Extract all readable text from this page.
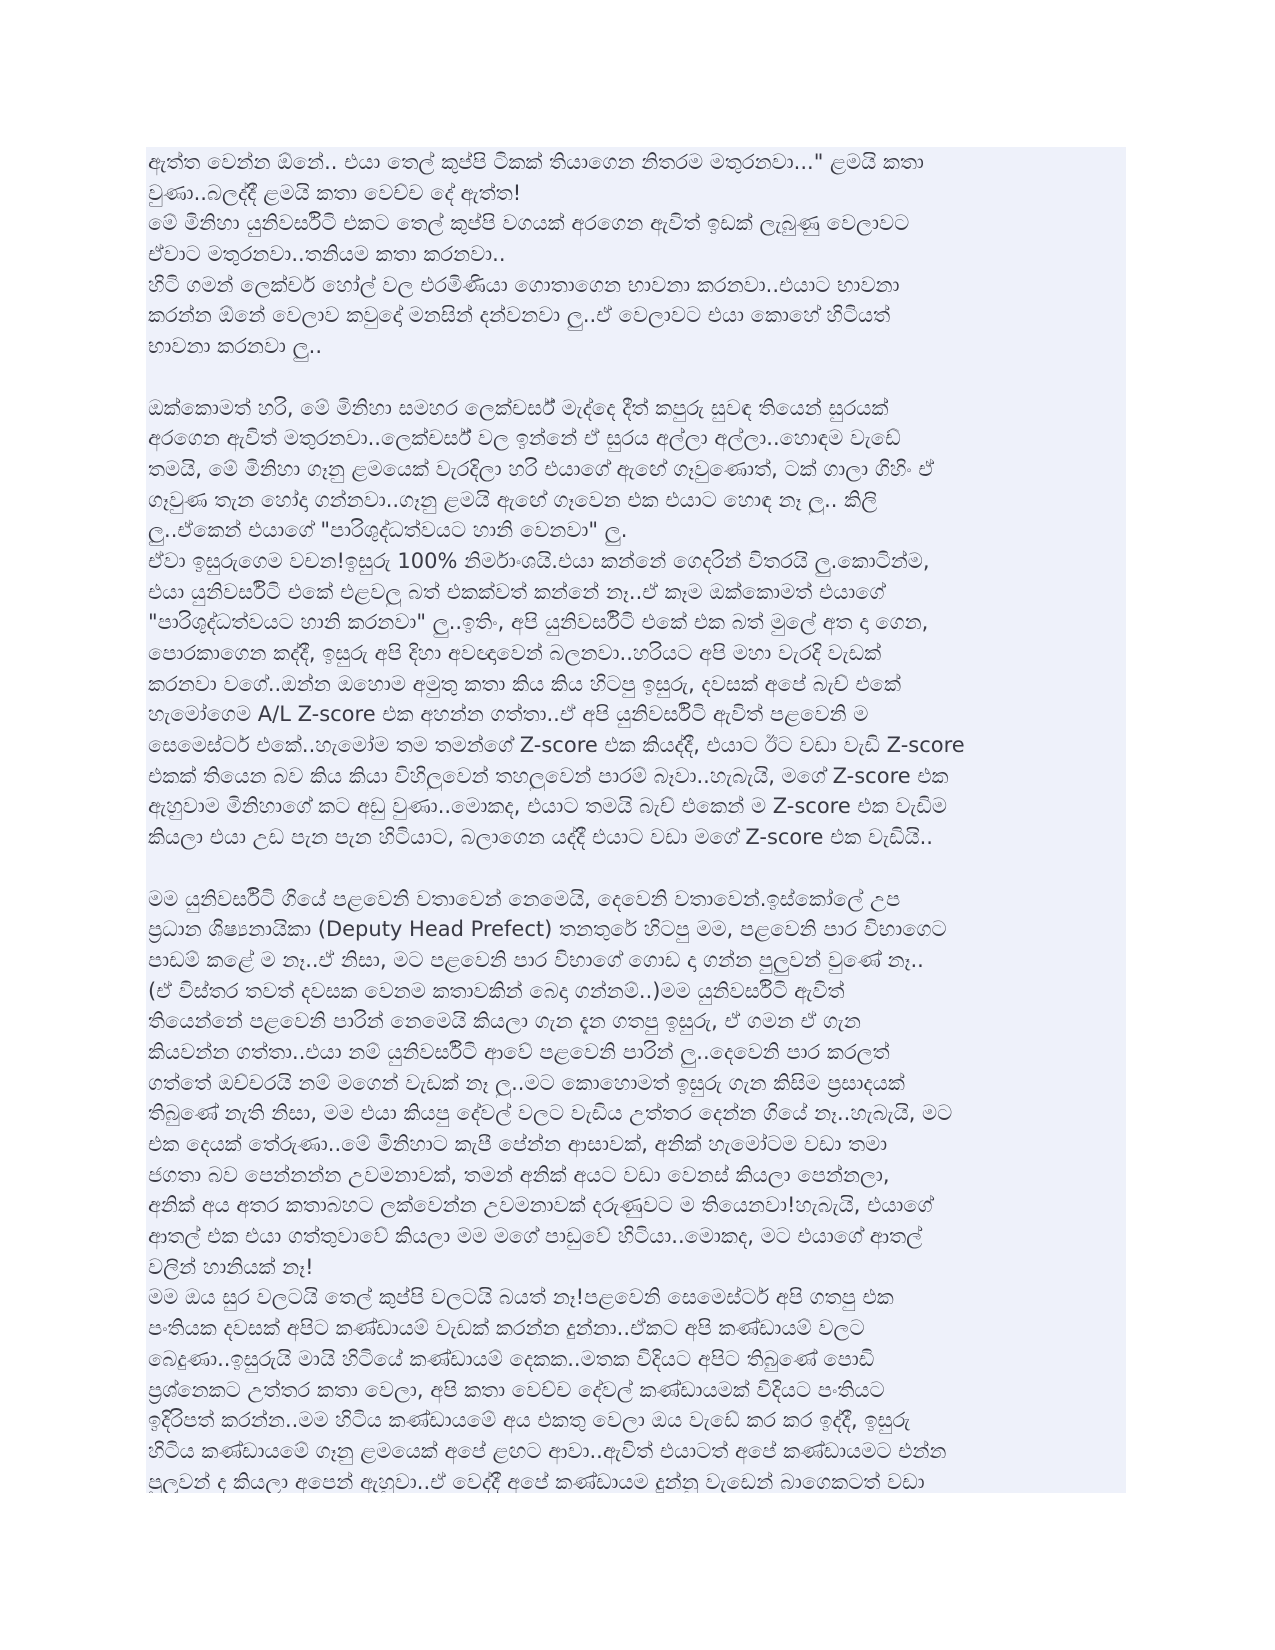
ඇත්ත වෙන්න ඕනේ.. එයා තෙල් කුප්පි ටිකක් තියාගෙන නිතරම මතුරනවා..." ළමයි කතා
වුණා..බලද්දී ළමයි කතා වෙච්ච දේ ඇත්ත!
මේ මිනිහා යුනිවර්සිටි එකට තෙල් කුප්පි වගයක් අරගෙන ඇවිත් ඉඩක් ලැබුණු වෙලාවට
ඒවාට මතුරනවා..තනියම කතා කරනවා..
හිටි ගමන් ලෙක්චර් හෝල් වල එරමිණියා ගොතාගෙන භාවනා කරනවා..එයාට භාවනා
කරන්න ඕනේ වෙලාව කවුදෝ මනසින් දන්වනවා ලු..ඒ වෙලාවට එයා කොහේ හිටියත්
භාවනා කරනවා ලු..
ඔක්කොමත් හරි, මේ මිනිහා සමහර ලෙක්චර්ස් මැද්දෙ දීත් කපුරු සුවඳ තියෙන් සුරයක්
අරගෙන ඇවිත් මතුරනවා..ලෙක්චර්ස් වල ඉන්නේ ඒ සුරය අල්ලා අල්ලා..හොඳම වැඩේ
තමයි, මේ මිනිහා ගෑනු ළමයෙක් වැරදිලා හරි එයාගේ ඇඟේ ගෑවුණොත්, ටක් ගාලා ගිහිං ඒ
ගෑවුණ තැන හෝදා ගන්නවා..ගෑනු ළමයි ඇඟේ ගෑවෙන එක එයාට හොඳ නෑ ලු.. කිලි
ලු..ඒකෙන් එයාගේ "පාරිශුද්ධත්වයට හානි වෙනවා" ලු.
ඒවා ඉසුරුගෙම වචන!ඉසුරු 100% නිර්මාංශයි.එයා කන්නේ ගෙදරින් විතරයි ලු.කොටින්ම,
එයා යුනිවර්සිටි එකේ එළවලු බත් එකක්වත් කන්නේ නෑ..ඒ කෑම ඔක්කොමත් එයාගේ
"පාරිශුද්ධත්වයට හානි කරනවා" ලු..ඉතිං, අපි යුනිවර්සිටි එකේ එක බත් මුලේ අත දා ගෙන,
පොරකාගෙන කද්දී, ඉසුරු අපි දිහා අවඥාවෙන් බලනවා..හරියට අපි මහා වැරදි වැඩක්
කරනවා වගේ..ඔන්න ඔහොම අමුතු කතා කිය කිය හිටපු ඉසුරු, දවසක් අපේ බැච් එකේ
හැමෝගෙම A/L Z-score එක අහන්න ගත්තා..ඒ අපි යුනිවර්සිටි ඇවිත් පළවෙනි ම
සෙමෙස්ටර් එකේ..හැමෝම තම තමන්ගේ Z-score එක කියද්දී, එයාට ඊට වඩා වැඩි Z-score
එකක් තියෙන බව කිය කියා විහිලුවෙන් තහලුවෙන් පාරම් බෑවා..හැබැයි, මගේ Z-score එක
ඇහුවාම මිනිහාගේ කට අඩු වුණා..මොකද, එයාට තමයි බැච් එකෙන් ම Z-score එක වැඩිම
කියලා එයා උඩ පැන පැන හිටියාට, බලාගෙන යද්දී එයාට වඩා මගේ Z-score එක වැඩියි..
මම යුනිවර්සිටි ගියේ පළවෙනි වතාවෙන් නෙමෙයි, දෙවෙනි වතාවෙන්.ඉස්කෝලේ උප
ප්‍රධාන ශිෂ්‍යනායිකා (Deputy Head Prefect) තනතුරේ හිටපු මම, පළවෙනි පාර විභාගෙට
පාඩම් කළේ ම නෑ..ඒ නිසා, මට පළවෙනි පාර විභාගේ ගොඩ දා ගන්න පුලුවන් වුණේ නෑ..
(ඒ විස්තර තවත් දවසක වෙනම කතාවකින් බෙදා ගන්නම්..)මම යුනිවර්සිටි ඇවිත්
තියෙන්නේ පළවෙනි පාරින් නෙමෙයි කියලා ගැන දැන ගතපු ඉසුරු, ඒ ගමන ඒ ගැන
කියවන්න ගත්තා..එයා නම් යුනිවර්සිටි ආවේ පළවෙනි පාරින් ලු..දෙවෙනි පාර කරලත්
ගත්තේ ඔච්චරයි නම් මගෙන් වැඩක් නෑ ලු..මට කොහොමත් ඉසුරු ගැන කිසිම ප්‍රසාදයක්
තිබුණේ නැති නිසා, මම එයා කියපු දේවල් වලට වැඩිය උත්තර දෙන්න ගියේ නෑ..හැබැයි, මට
එක දෙයක් තේරුණා..මේ මිනිහාට කැපී පේන්න ආසාවක්, අනික් හැමෝටම වඩා තමා
ජගතා බව පෙන්නන්න උවමනාවක්, තමන් අනික් අයට වඩා වෙනස් කියලා පෙන්නලා,
අනික් අය අතර කතාබහට ලක්වෙන්න උවමනාවක් දරුණුවට ම තියෙනවා!හැබැයි, එයාගේ
ආතල් එක එයා ගත්තුවාවේ කියලා මම මගේ පාඩුවේ හිටියා..මොකද, මට එයාගේ ආතල්
වලින් හානියක් නෑ!
මම ඔය සුර වලටයි තෙල් කුප්පි වලටයි බයත් නෑ!පළවෙනි සෙමෙස්ටර් අපි ගතපු එක
පංතියක දවසක් අපිට කණ්ඩායම් වැඩක් කරන්න දුන්නා..ඒකට අපි කණ්ඩායම් වලට
බෙදුණා..ඉසුරුයි මායි හිටියේ කණ්ඩායම් දෙකක..මතක විදියට අපිට තිබුණේ පොඩි
ප්‍රශ්නෙකට උත්තර කතා වෙලා, අපි කතා වෙච්ච දේවල් කණ්ඩායමක් විදියට පංතියට
ඉදිරිපත් කරන්න..මම හිටිය කණ්ඩායමේ අය එකතු වෙලා ඔය වැඩේ කර කර ඉද්දී, ඉසුරු
හිටිය කණ්ඩායමේ ගෑනු ළමයෙක් අපේ ළඟට ආවා..ඇවිත් එයාටත් අපේ කණ්ඩායමට එන්න
පුලුවන් ද කියලා අපෙන් ඇහුවා..ඒ වෙද්දී අපේ කණ්ඩායම දුන්නු වැඩෙන් බාගෙකටත් වඩා
